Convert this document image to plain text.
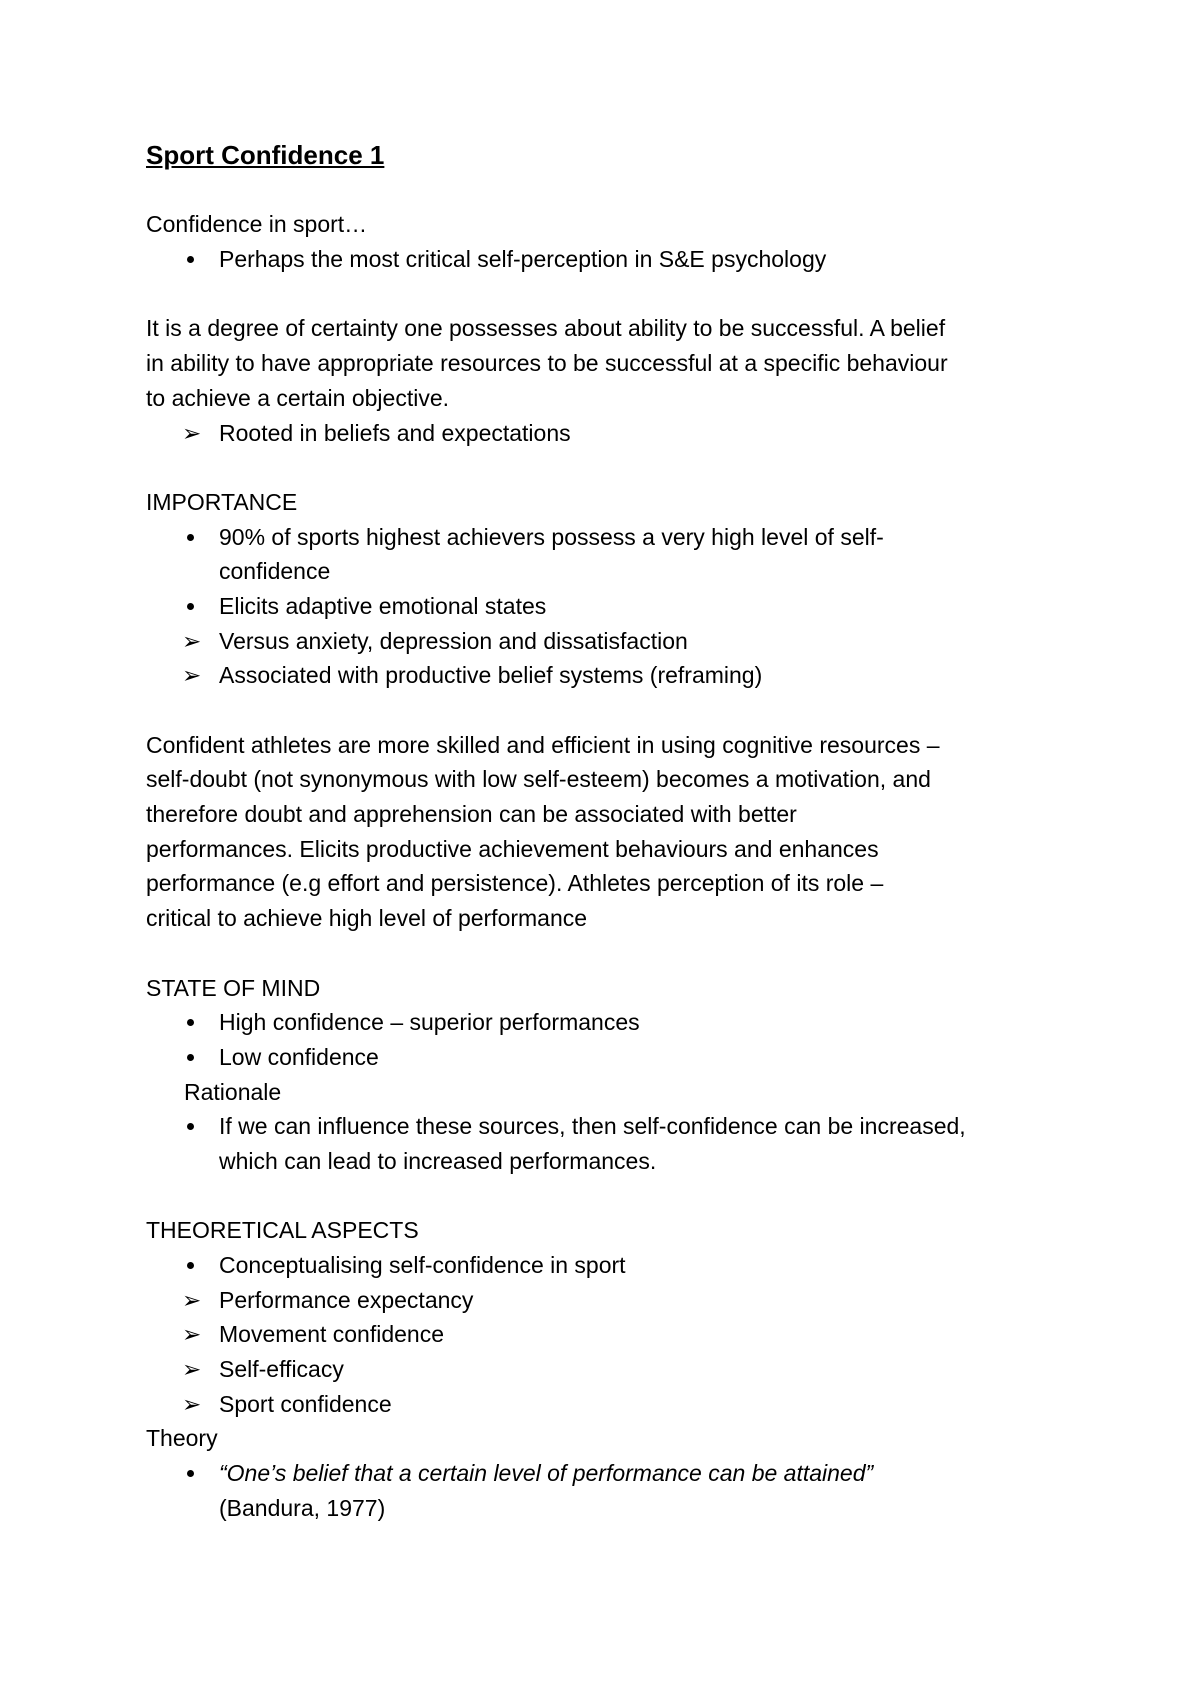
Sport Confidence 1
Confidence in sport…
Perhaps the most critical self-perception in S&E psychology
It is a degree of certainty one possesses about ability to be successful. A belief
in ability to have appropriate resources to be successful at a specific behaviour
to achieve a certain objective.
➢ Rooted in beliefs and expectations
IMPORTANCE
90% of sports highest achievers possess a very high level of self-
confidence
Elicits adaptive emotional states
➢ Versus anxiety, depression and dissatisfaction
➢ Associated with productive belief systems (reframing)
Confident athletes are more skilled and efficient in using cognitive resources –
self-doubt (not synonymous with low self-esteem) becomes a motivation, and
therefore doubt and apprehension can be associated with better
performances. Elicits productive achievement behaviours and enhances
performance (e.g effort and persistence). Athletes perception of its role –
critical to achieve high level of performance
STATE OF MIND
High confidence – superior performances
Low confidence
Rationale
If we can influence these sources, then self-confidence can be increased,
which can lead to increased performances.
THEORETICAL ASPECTS
Conceptualising self-confidence in sport
➢ Performance expectancy
➢ Movement confidence
➢ Self-efficacy
➢ Sport confidence
Theory
“One’s belief that a certain level of performance can be attained”
(Bandura, 1977)
